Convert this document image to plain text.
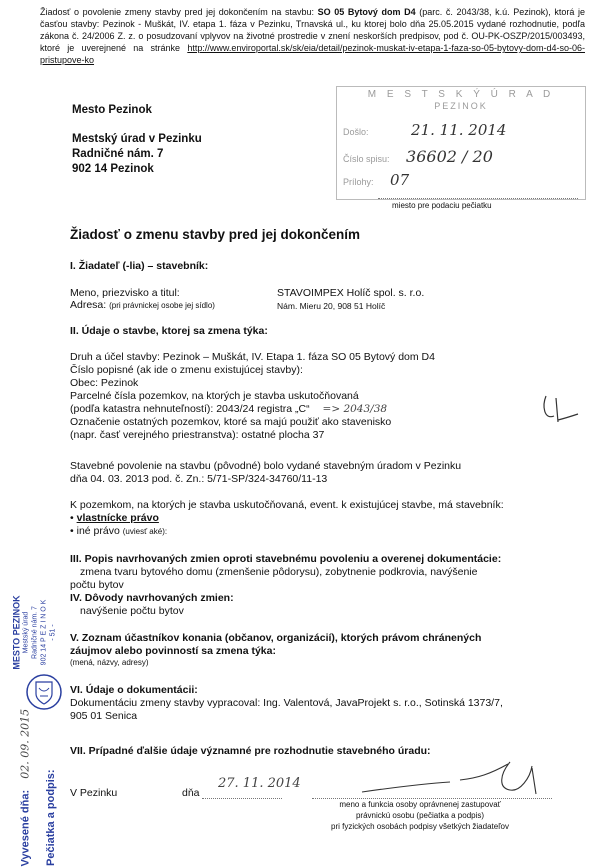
Žiadosť o povolenie zmeny stavby pred jej dokončením na stavbu: SO 05 Bytový dom D4 (parc. č. 2043/38, k.ú. Pezinok), ktorá je časťou stavby: Pezinok - Muškát, IV. etapa 1. fáza v Pezinku, Trnavská ul., ku ktorej bolo dňa 25.05.2015 vydané rozhodnutie, podľa zákona č. 24/2006 Z. z. o posudzovaní vplyvov na životné prostredie v znení neskorších predpisov, pod č. OU-PK-OSZP/2015/003493, ktoré je uverejnené na stránke http://www.enviroportal.sk/sk/eia/detail/pezinok-muskat-iv-etapa-1-faza-so-05-bytovy-dom-d4-so-06-pristupove-ko
Mesto Pezinok
Mestský úrad v Pezinku
Radničné nám. 7
902 14 Pezinok
M E S T S K Ý Ú R A D
PEZINOK
Došlo:	21. 11. 2014
Číslo spisu: 36602 / 20
Prílohy: 07
miesto pre podaciu pečiatku
Žiadosť o zmenu stavby pred jej dokončením
I. Žiadateľ (-lia) – stavebník:
Meno, priezvisko a titul:	STAVOIMPEX Holíč spol. s. r.o.
Adresa: (pri právnickej osobe jej sídlo)	Nám. Mieru 20, 908 51 Holíč
II. Údaje o stavbe, ktorej sa zmena týka:
Druh a účel stavby: Pezinok – Muškát, IV. Etapa 1. fáza SO 05 Bytový dom D4
Číslo popisné (ak ide o zmenu existujúcej stavby):
Obec: Pezinok
Parcelné čísla pozemkov, na ktorých je stavba uskutočňovaná
(podľa katastra nehnuteľností): 2043/24 registra „C“ => 2043/38
Označenie ostatných pozemkov, ktoré sa majú použiť ako stavenisko
(napr. časť verejného priestranstva): ostatné plocha 37
Stavebné povolenie na stavbu (pôvodné) bolo vydané stavebným úradom v Pezinku
dňa 04. 03. 2013 pod. č. Zn.: 5/71-SP/324-34760/11-13
K pozemkom, na ktorých je stavba uskutočňovaná, event. k existujúcej stavbe, má stavebník:
• vlastnícke právo
• iné právo (uviesť aké):
III. Popis navrhovaných zmien oproti stavebnému povoleniu a overenej dokumentácie:
zmena tvaru bytového domu (zmenšenie pôdorysu), zobytnenie podkrovia, navýšenie
počtu bytov
IV. Dôvody navrhovaných zmien:
navýšenie počtu bytov
V. Zoznam účastníkov konania (občanov, organizácií), ktorých právom chránených
záujmov alebo povinností sa zmena týka:
(mená, názvy, adresy)
VI. Údaje o dokumentácii:
Dokumentáciu zmeny stavby vypracoval: Ing. Valentová, JavaProjekt s. r.o., Sotinská 1373/7,
905 01 Senica
VII. Prípadné ďalšie údaje významné pre rozhodnutie stavebného úradu:
V Pezinku	dňa
27. 11. 2014
meno a funkcia osoby oprávnenej zastupovať
právnickú osobu (pečiatka a podpis)
pri fyzických osobách podpisy všetkých žiadateľov
Vyvesené dňa: 02. 09. 2015
Pečiatka a podpis:
MESTO PEZINOK Mestský úrad Radničné nám. 7 902 14 P E Z I N O K - 51 -
